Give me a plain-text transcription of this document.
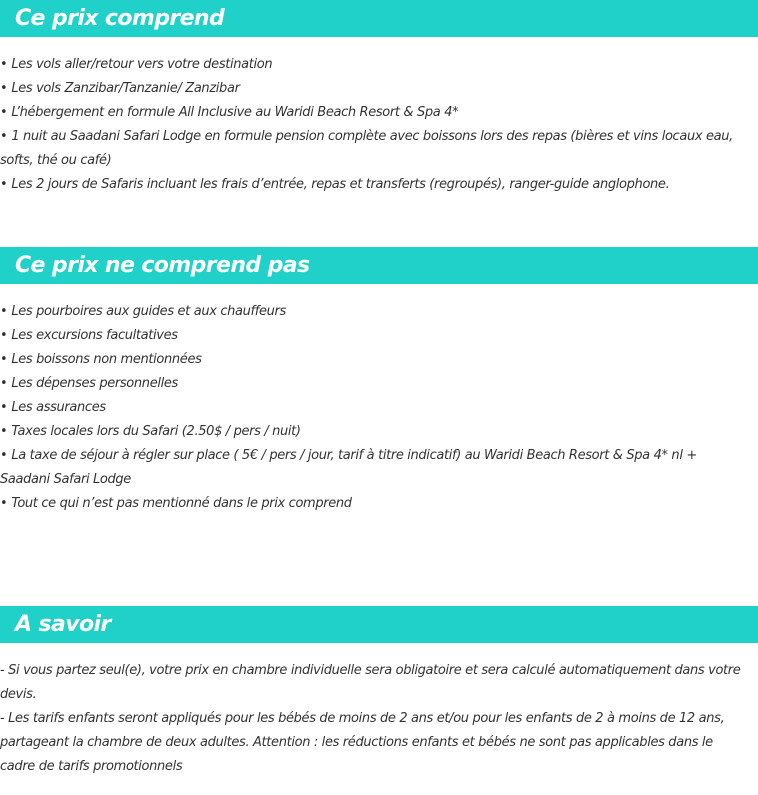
Ce prix comprend
• Les vols aller/retour vers votre destination
• Les vols Zanzibar/Tanzanie/ Zanzibar
• L’hébergement en formule All Inclusive au Waridi Beach Resort & Spa 4*
• 1 nuit au Saadani Safari Lodge en formule pension complète avec boissons lors des repas (bières et vins locaux eau, softs, thé ou café)
• Les 2 jours de Safaris incluant les frais d’entrée, repas et transferts (regroupés), ranger-guide anglophone.
Ce prix ne comprend pas
• Les pourboires aux guides et aux chauffeurs
• Les excursions facultatives
• Les boissons non mentionnées
• Les dépenses personnelles
• Les assurances
• Taxes locales lors du Safari (2.50$ / pers / nuit)
• La taxe de séjour à régler sur place ( 5€ / pers / jour, tarif à titre indicatif) au Waridi Beach Resort & Spa 4* nl + Saadani Safari Lodge
• Tout ce qui n’est pas mentionné dans le prix comprend
A savoir

- Si vous partez seul(e), votre prix en chambre individuelle sera obligatoire et sera calculé automatiquement dans votre devis.

- Les tarifs enfants seront appliqués pour les bébés de moins de 2 ans et/ou pour les enfants de 2 à moins de 12 ans, partageant la chambre de deux adultes. Attention : les réductions enfants et bébés ne sont pas applicables dans le cadre de tarifs promotionnels
